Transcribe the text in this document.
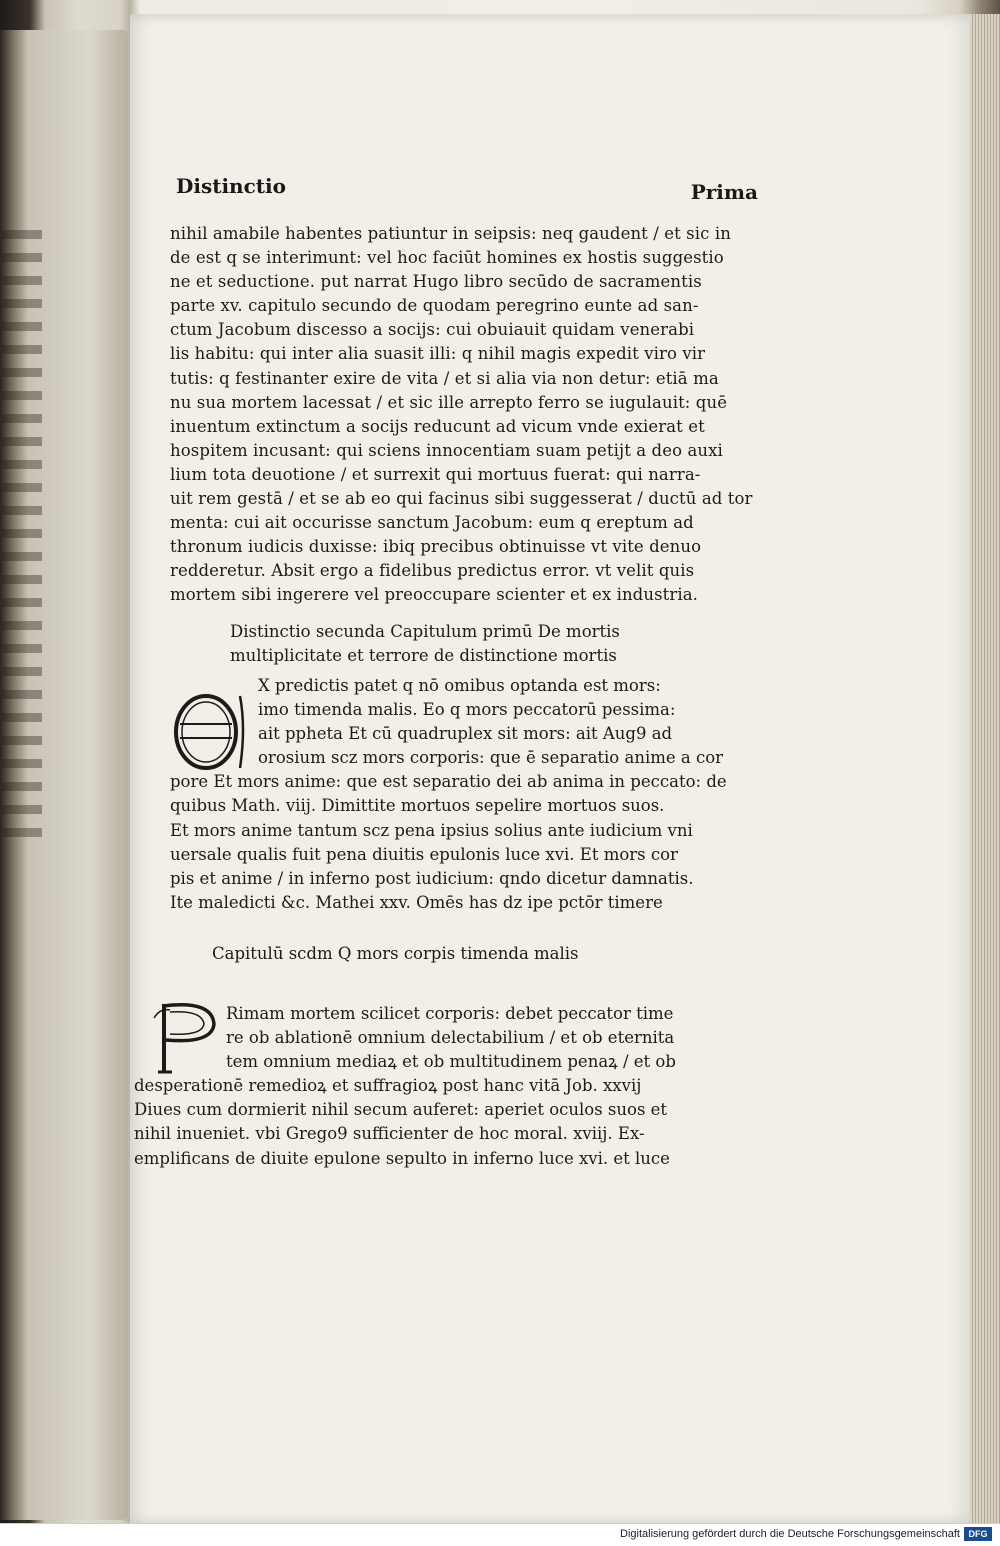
Distinctio	Prima
nihil amabile habentes patiuntur in seipsis: neq gaudent / et sic in
de est q se interimunt: vel hoc faciūt homines ex hostis suggestio
ne et seductione. put narrat Hugo libro secūdo de sacramentis
parte xv. capitulo secundo de quodam peregrino eunte ad san-
ctum Jacobum discesso a socijs: cui obuiauit quidam venerabi
lis habitu: qui inter alia suasit illi: q nihil magis expedit viro vir
tutis: q festinanter exire de vita / et si alia via non detur: etiā ma
nu sua mortem lacessat / et sic ille arrepto ferro se iugulauit: quē
inuentum extinctum a socijs reducunt ad vicum vnde exierat et
hospitem incusant: qui sciens innocentiam suam petijt a deo auxi
lium tota deuotione / et surrexit qui mortuus fuerat: qui narra-
uit rem gestā / et se ab eo qui facinus sibi suggesserat / ductū ad tor
menta: cui ait occurisse sanctum Jacobum: eum q ereptum ad
thronum iudicis duxisse: ibiq precibus obtinuisse vt vite denuo
redderetur. Absit ergo a fidelibus predictus error. vt velit quis
mortem sibi ingerere vel preoccupare scienter et ex industria.
Distinctio secunda Capitulum primū De mortis
multiplicitate et terrore de distinctione mortis
X predictis patet q nō omibus optanda est mors:
imo timenda malis. Eo q mors peccatorū pessima:
ait ppheta Et cū quadruplex sit mors: ait Aug9 ad
orosium scz mors corporis: que ē separatio anime a cor
pore Et mors anime: que est separatio dei ab anima in peccato: de
quibus Math. viij. Dimittite mortuos sepelire mortuos suos.
Et mors anime tantum scz pena ipsius solius ante iudicium vni
uersale qualis fuit pena diuitis epulonis luce xvi. Et mors cor
pis et anime / in inferno post iudicium: qndo dicetur damnatis.
Ite maledicti &c. Mathei xxv. Omēs has dz ipe pctōr timere
Capitulū scdm Q mors corpis timenda malis
Rimam mortem scilicet corporis: debet peccator time
re ob ablationē omnium delectabilium / et ob eternita
tem omnium mediaꝝ et ob multitudinem penaꝝ / et ob
desperationē remedioꝝ et suffragioꝝ post hanc vitā Job. xxvij
Diues cum dormierit nihil secum auferet: aperiet oculos suos et
nihil inueniet. vbi Grego9 sufficienter de hoc moral. xviij. Ex-
emplificans de diuite epulone sepulto in inferno luce xvi. et luce
Digitalisierung gefördert durch die Deutsche Forschungsgemeinschaft DFG
